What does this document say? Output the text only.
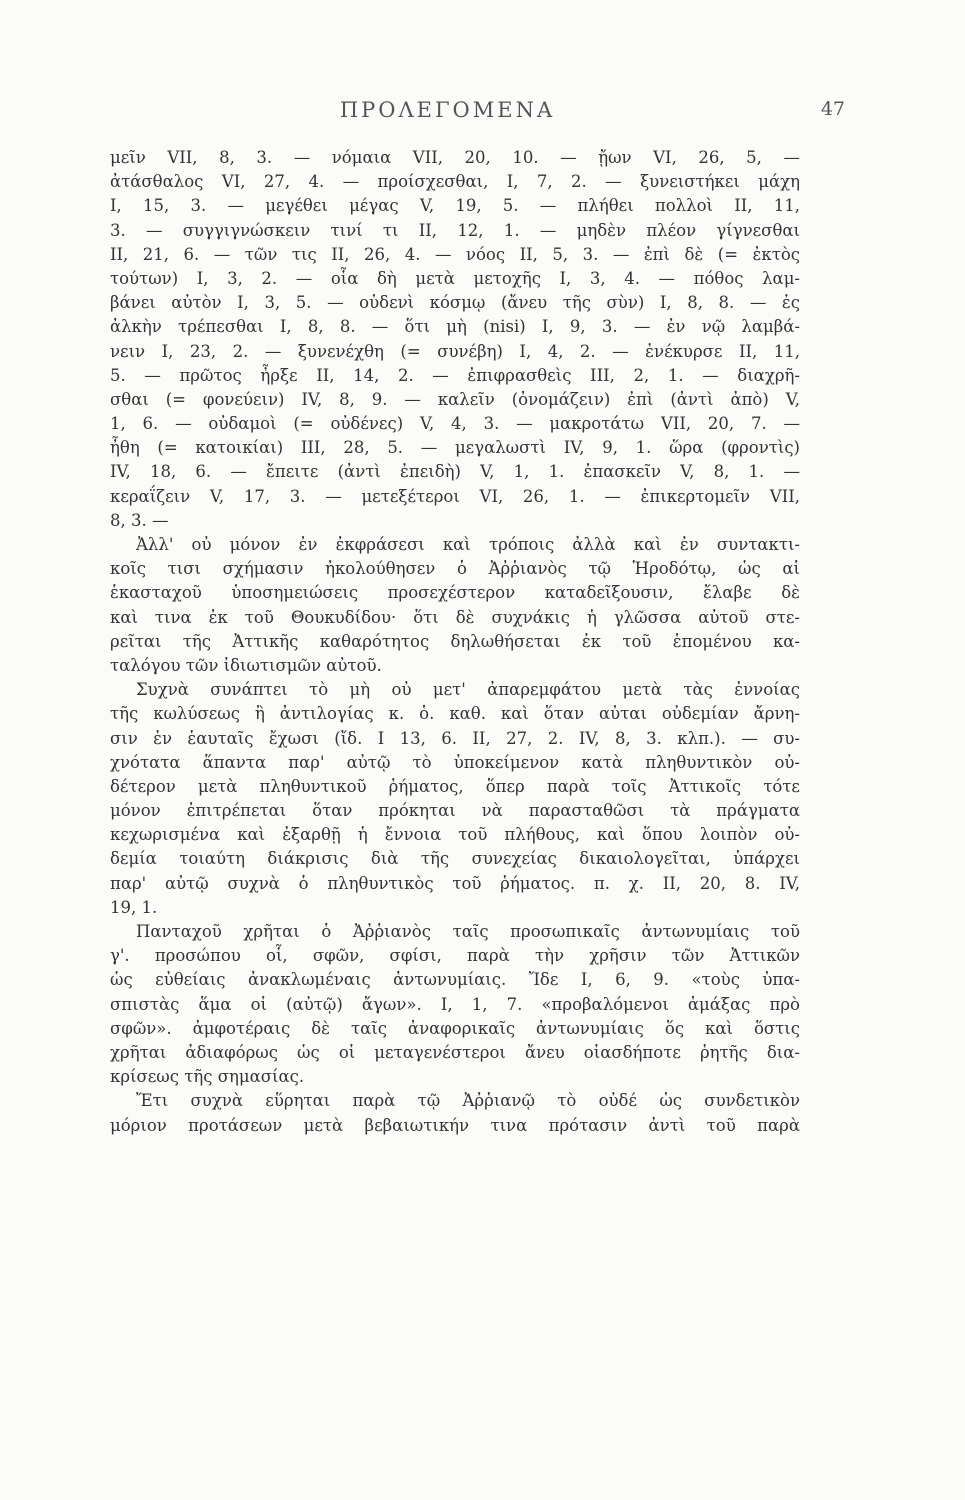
ΠΡΟΛΕΓΟΜΕΝΑ	47
μεῖν VII, 8, 3. — νόμαια VII, 20, 10. — ᾔων VI, 26, 5, —
ἀτάσθαλος VI, 27, 4. — προίσχεσθαι, I, 7, 2. — ξυνειστήκει μάχη
I, 15, 3. — μεγέθει μέγας V, 19, 5. — πλήθει πολλοὶ II, 11,
3. — συγγιγνώσκειν τινί τι II, 12, 1. — μηδὲν πλέον γίγνεσθαι
II, 21, 6. — τῶν τις II, 26, 4. — νόος II, 5, 3. — ἐπὶ δὲ (= ἐκτὸς
τούτων) I, 3, 2. — οἷα δὴ μετὰ μετοχῆς I, 3, 4. — πόθος λαμ-
βάνει αὐτὸν I, 3, 5. — οὐδενὶ κόσμῳ (ἄνευ τῆς σὺν) I, 8, 8. — ἐς
ἀλκὴν τρέπεσθαι I, 8, 8. — ὅτι μὴ (nisi) I, 9, 3. — ἐν νῷ λαμβά-
νειν I, 23, 2. — ξυνενέχθη (= συνέβη) I, 4, 2. — ἐνέκυρσε II, 11,
5. — πρῶτος ἦρξε II, 14, 2. — ἐπιφρασθεὶς III, 2, 1. — διαχρῆ-
σθαι (= φονεύειν) IV, 8, 9. — καλεῖν (ὀνομάζειν) ἐπὶ (ἀντὶ ἀπὸ) V,
1, 6. — οὐδαμοὶ (= οὐδένες) V, 4, 3. — μακροτάτω VII, 20, 7. —
ἦθη (= κατοικίαι) III, 28, 5. — μεγαλωστὶ IV, 9, 1. ὥρα (φροντὶς)
IV, 18, 6. — ἔπειτε (ἀντὶ ἐπειδὴ) V, 1, 1. ἐπασκεῖν V, 8, 1. —
κεραΐζειν V, 17, 3. — μετεξέτεροι VI, 26, 1. — ἐπικερτομεῖν VII,
8, 3. —
Ἀλλ' οὐ μόνον ἐν ἐκφράσεσι καὶ τρόποις ἀλλὰ καὶ ἐν συντακτι-
κοῖς τισι σχήμασιν ἠκολούθησεν ὁ Ἀῤῥιανὸς τῷ Ἡροδότῳ, ὡς αἱ
ἑκασταχοῦ ὑποσημειώσεις προσεχέστερον καταδεῖξουσιν, ἔλαβε δὲ
καὶ τινα ἐκ τοῦ Θουκυδίδου· ὅτι δὲ συχνάκις ἡ γλῶσσα αὐτοῦ στε-
ρεῖται τῆς Ἀττικῆς καθαρότητος δηλωθήσεται ἐκ τοῦ ἑπομένου κα-
ταλόγου τῶν ἰδιωτισμῶν αὐτοῦ.
Συχνὰ συνάπτει τὸ μὴ οὐ μετ' ἀπαρεμφάτου μετὰ τὰς ἐννοίας
τῆς κωλύσεως ἢ ἀντιλογίας κ. ὁ. καθ. καὶ ὅταν αὐται οὐδεμίαν ἄρνη-
σιν ἐν ἑαυταῖς ἔχωσι (ἴδ. I 13, 6. II, 27, 2. IV, 8, 3. κλπ.). — συ-
χνότατα ἅπαντα παρ' αὐτῷ τὸ ὑποκείμενον κατὰ πληθυντικὸν οὐ-
δέτερον μετὰ πληθυντικοῦ ῥήματος, ὅπερ παρὰ τοῖς Ἀττικοῖς τότε
μόνον ἐπιτρέπεται ὅταν πρόκηται νὰ παρασταθῶσι τὰ πράγματα
κεχωρισμένα καὶ ἐξαρθῇ ἡ ἔννοια τοῦ πλήθους, καὶ ὅπου λοιπὸν οὐ-
δεμία τοιαύτη διάκρισις διὰ τῆς συνεχείας δικαιολογεῖται, ὑπάρχει
παρ' αὐτῷ συχνὰ ὁ πληθυντικὸς τοῦ ῥήματος. π. χ. II, 20, 8. IV,
19, 1.
Πανταχοῦ χρῆται ὁ Ἀῤῥιανὸς ταῖς προσωπικαῖς ἀντωνυμίαις τοῦ
γ'. προσώπου οἷ, σφῶν, σφίσι, παρὰ τὴν χρῆσιν τῶν Ἀττικῶν
ὡς εὐθείαις ἀνακλωμέναις ἀντωνυμίαις. Ἴδε I, 6, 9. «τοὺς ὑπα-
σπιστὰς ἅμα οἱ (αὐτῷ) ἄγων». I, 1, 7. «προβαλόμενοι ἁμάξας πρὸ
σφῶν». ἀμφοτέραις δὲ ταῖς ἀναφορικαῖς ἀντωνυμίαις ὅς καὶ ὅστις
χρῆται ἀδιαφόρως ὡς οἱ μεταγενέστεροι ἄνευ οἱασδήποτε ῥητῆς δια-
κρίσεως τῆς σημασίας.
Ἔτι συχνὰ εὕρηται παρὰ τῷ Ἀῤῥιανῷ τὸ οὐδέ ὡς συνδετικὸν
μόριον προτάσεων μετὰ βεβαιωτικήν τινα πρότασιν ἀντὶ τοῦ παρὰ
